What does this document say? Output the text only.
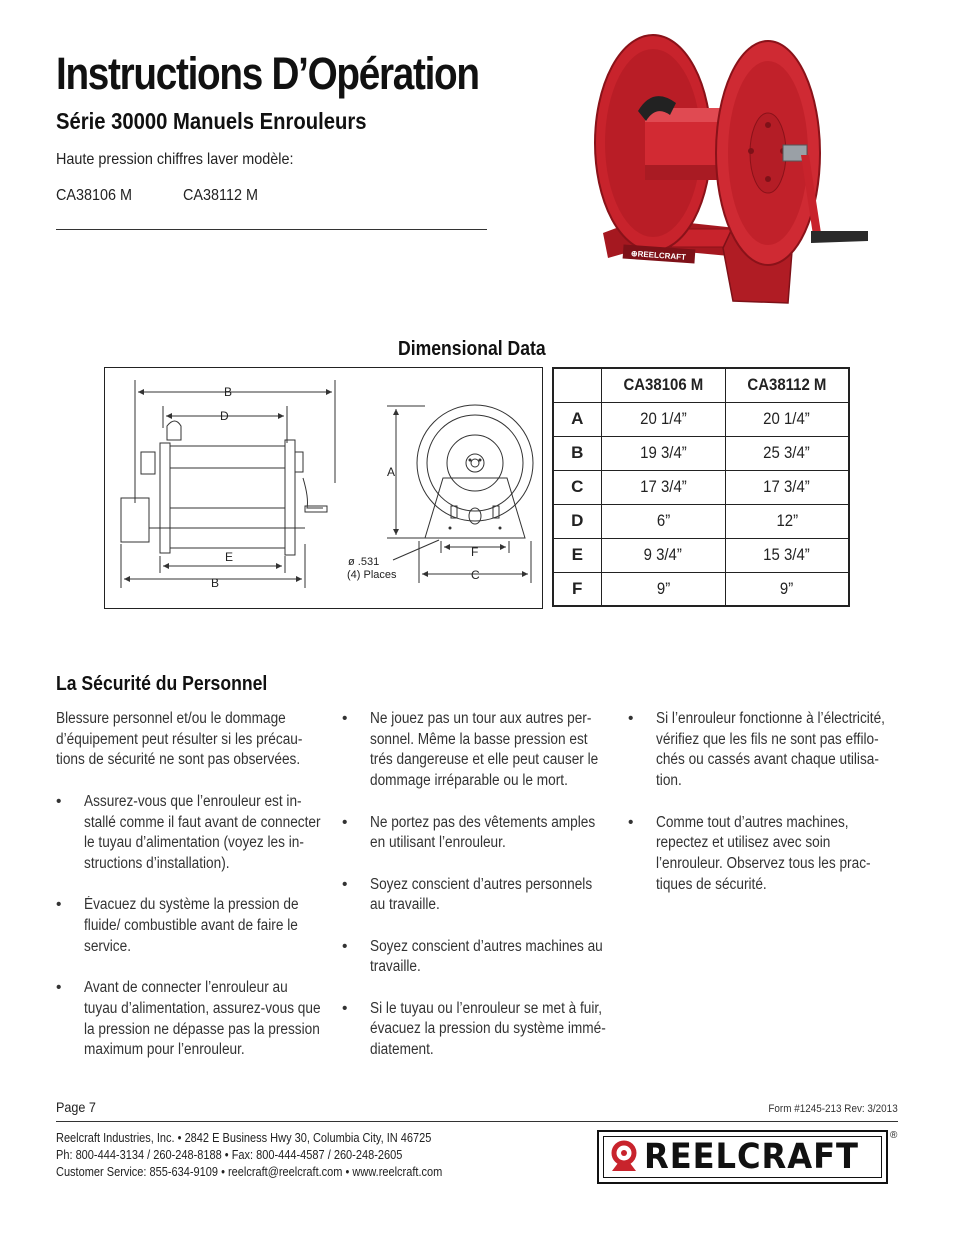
Instructions D’Opération
Série 30000 Manuels Enrouleurs
Haute pression chiffres laver modèle:
CA38106 M	CA38112 M
⊕REELCRAFT
Dimensional Data
B
D
A
E
B
F
C
ø .531
(4) Places
	CA38106 M	CA38112 M
A	20 1/4”	20 1/4”
B	19 3/4”	25 3/4”
C	17 3/4”	17 3/4”
D	6”	12”
E	9 3/4”	15 3/4”
F	9”	9”
La Sécurité du Personnel

Blessure personnel et/ou le dommage d’équipement peut résulter si les précau-tions de sécurité ne sont pas observées.

• Assurez-vous que l’enrouleur est in-stallé comme il faut avant de connecter le tuyau d’alimentation (voyez les in-structions d’installation).
• Évacuez du système la pression de fluide/ combustible avant de faire le service.
• Avant de connecter l’enrouleur au tuyau d’alimentation, assurez-vous que la pression ne dépasse pas la pression maximum pour l’enrouleur.
• Ne jouez pas un tour aux autres per-sonnel. Même la basse pression est trés dangereuse et elle peut causer le dommage irréparable ou le mort.
• Ne portez pas des vêtements amples en utilisant l’enrouleur.
• Soyez conscient d’autres personnels au travaille.
• Soyez conscient d’autres machines au travaille.
• Si le tuyau ou l’enrouleur se met à fuir, évacuez la pression du système immé-diatement.
• Si l’enrouleur fonctionne à l’électricité, vérifiez que les fils ne sont pas effilo-chés ou cassés avant chaque utilisa-tion.
• Comme tout d’autres machines, repectez et utilisez avec soin l’enrouleur. Observez tous les prac-tiques de sécurité.
Page 7	Form #1245-213 Rev: 3/2013
Reelcraft Industries, Inc. • 2842 E Business Hwy 30, Columbia City, IN 46725
Ph: 800-444-3134 / 260-248-8188 • Fax: 800-444-4587 / 260-248-2605
Customer Service: 855-634-9109 • reelcraft@reelcraft.com • www.reelcraft.com	REELCRAFT
®
